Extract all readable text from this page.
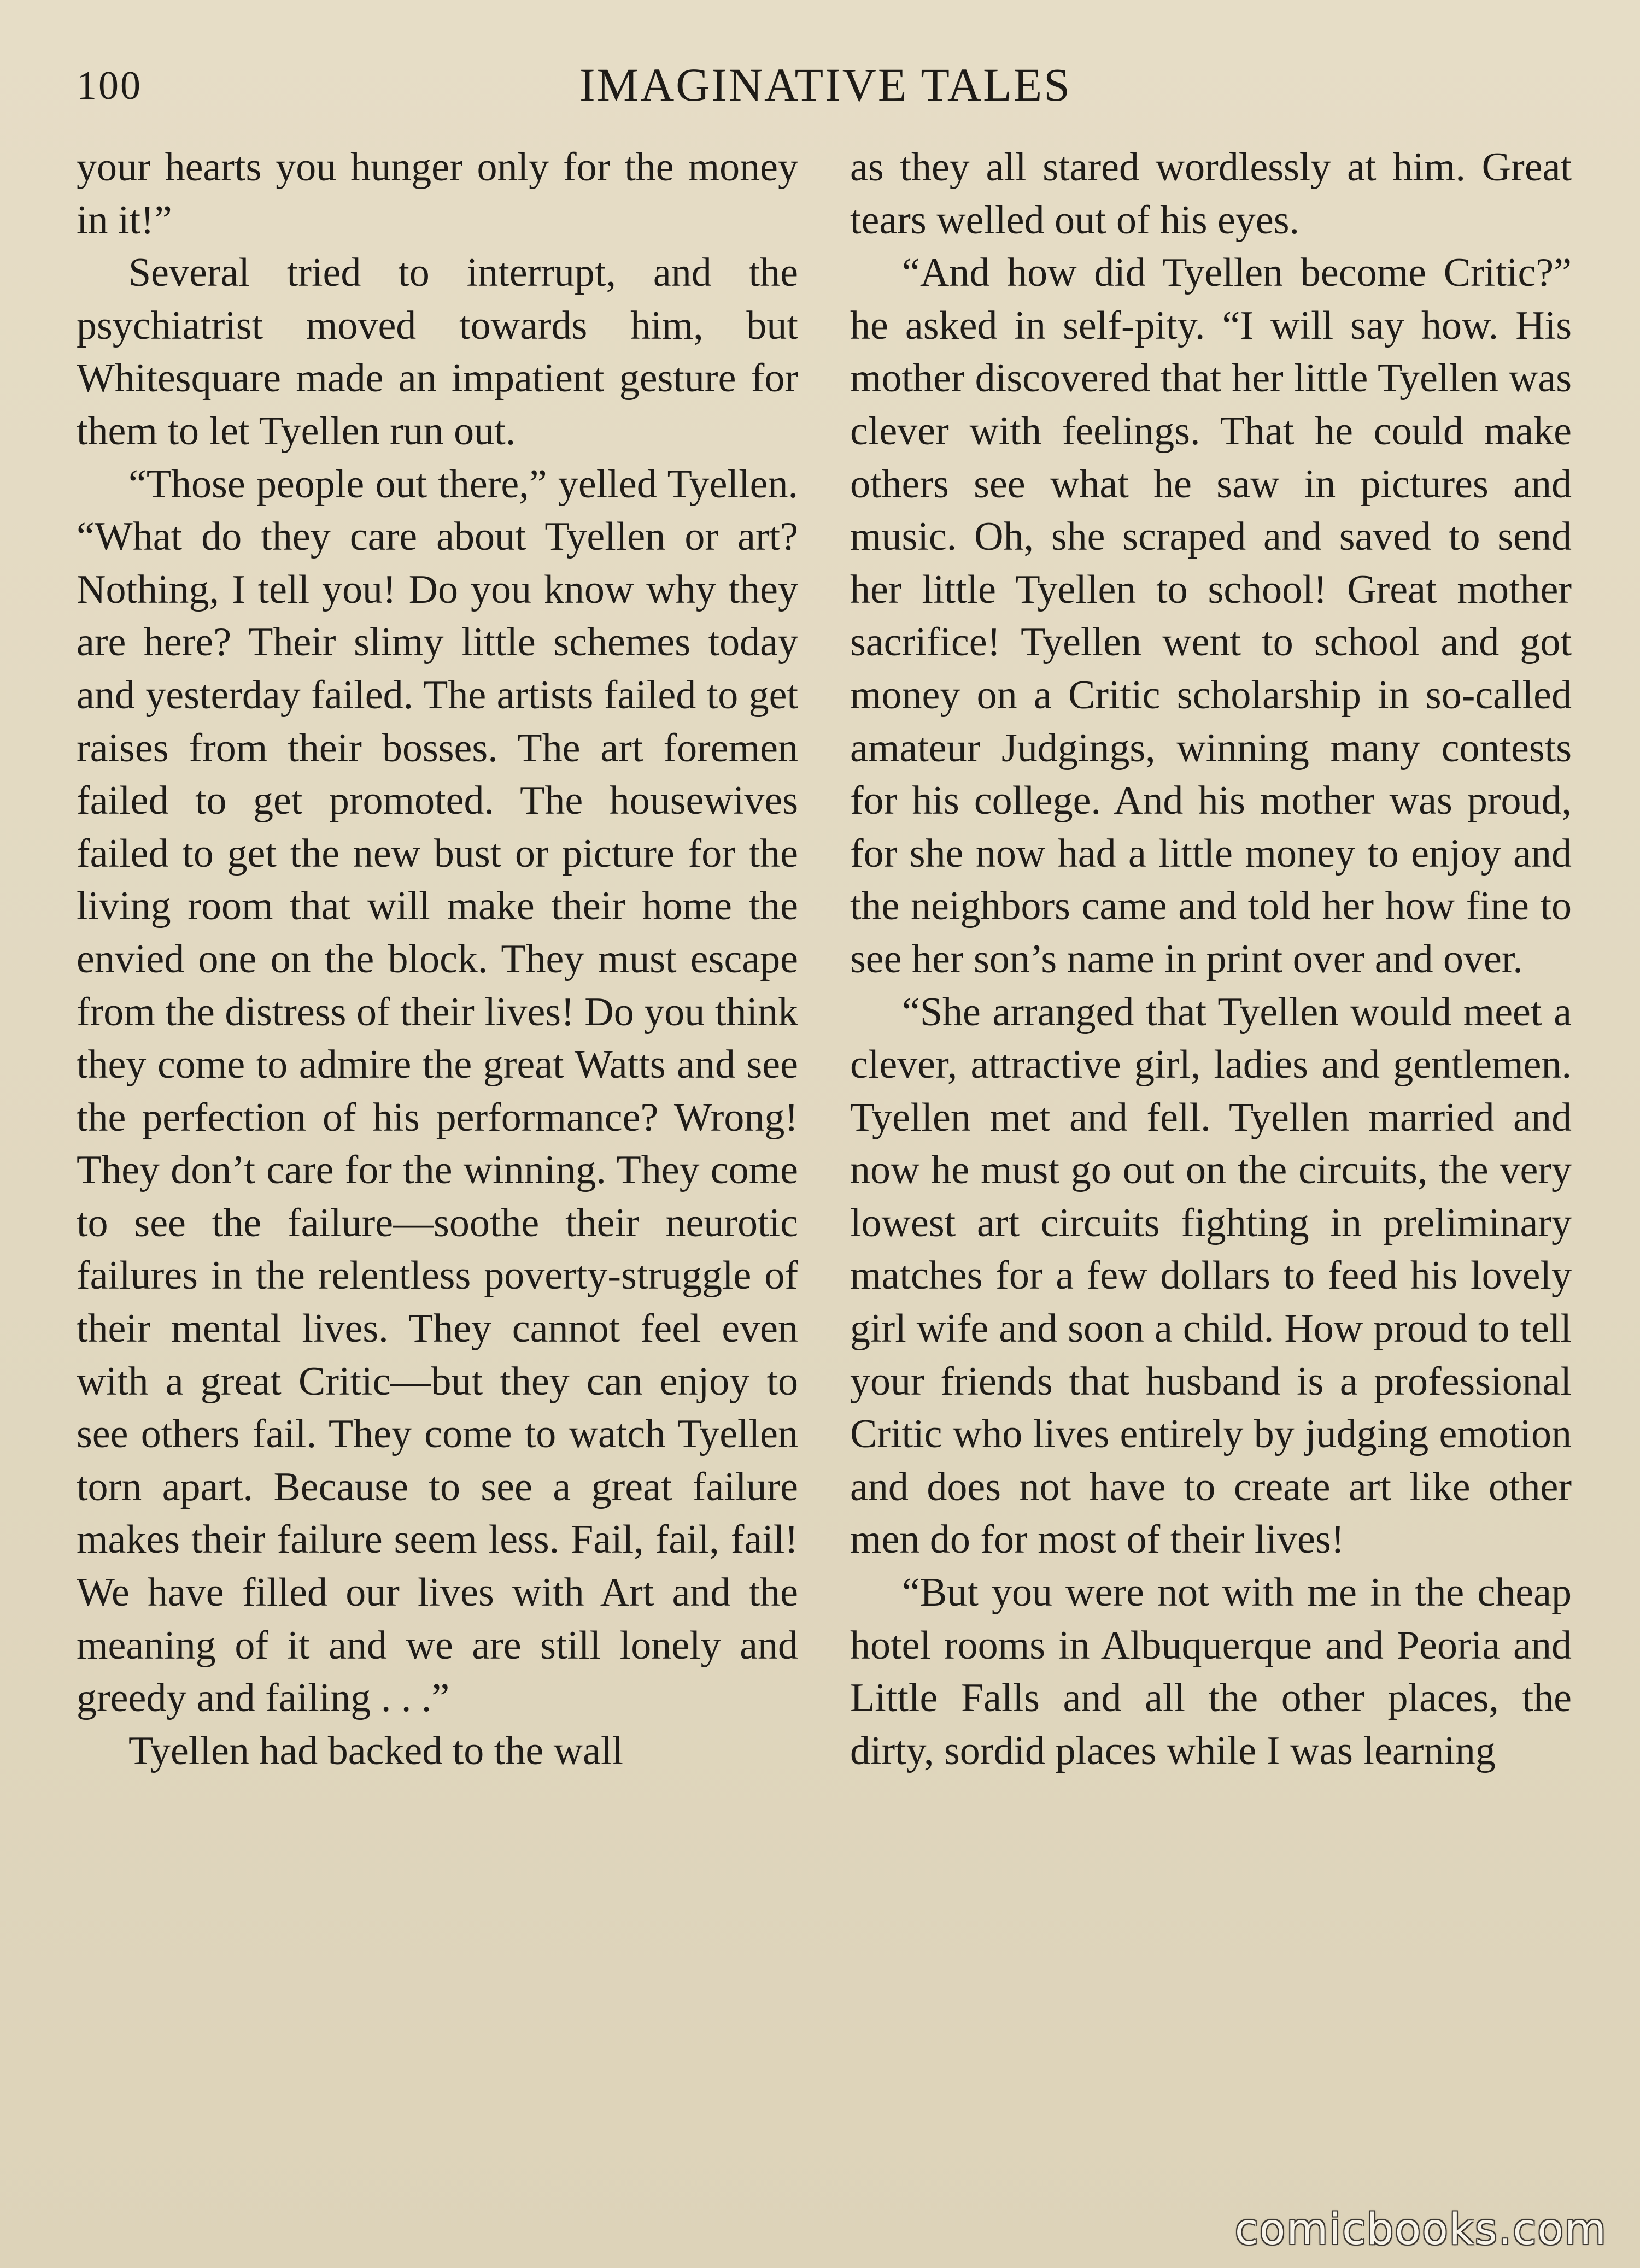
100	IMAGINATIVE TALES

your hearts you hunger only for the money in it!”

Several tried to interrupt, and the psychiatrist moved towards him, but Whitesquare made an impatient gesture for them to let Tyellen run out.

“Those people out there,” yelled Tyellen. “What do they care about Tyellen or art? Nothing, I tell you! Do you know why they are here? Their slimy little schemes today and yesterday failed. The artists failed to get raises from their bosses. The art foremen failed to get promoted. The housewives failed to get the new bust or picture for the living room that will make their home the envied one on the block. They must escape from the distress of their lives! Do you think they come to admire the great Watts and see the perfection of his performance? Wrong! They don’t care for the winning. They come to see the failure—soothe their neurotic failures in the relentless poverty-struggle of their mental lives. They cannot feel even with a great Critic—but they can enjoy to see others fail. They come to watch Tyellen torn apart. Because to see a great failure makes their failure seem less. Fail, fail, fail! We have filled our lives with Art and the meaning of it and we are still lonely and greedy and failing . . .”

Tyellen had backed to the wall

as they all stared wordlessly at him. Great tears welled out of his eyes.

“And how did Tyellen become Critic?” he asked in self-pity. “I will say how. His mother discovered that her little Tyellen was clever with feelings. That he could make others see what he saw in pictures and music. Oh, she scraped and saved to send her little Tyellen to school! Great mother sacrifice! Tyellen went to school and got money on a Critic scholarship in so-called amateur Judgings, winning many contests for his college. And his mother was proud, for she now had a little money to enjoy and the neighbors came and told her how fine to see her son’s name in print over and over.

“She arranged that Tyellen would meet a clever, attractive girl, ladies and gentlemen. Tyellen met and fell. Tyellen married and now he must go out on the circuits, the very lowest art circuits fighting in preliminary matches for a few dollars to feed his lovely girl wife and soon a child. How proud to tell your friends that husband is a professional Critic who lives entirely by judging emotion and does not have to create art like other men do for most of their lives!

“But you were not with me in the cheap hotel rooms in Albuquerque and Peoria and Little Falls and all the other places, the dirty, sordid places while I was learning

comicbooks.com
